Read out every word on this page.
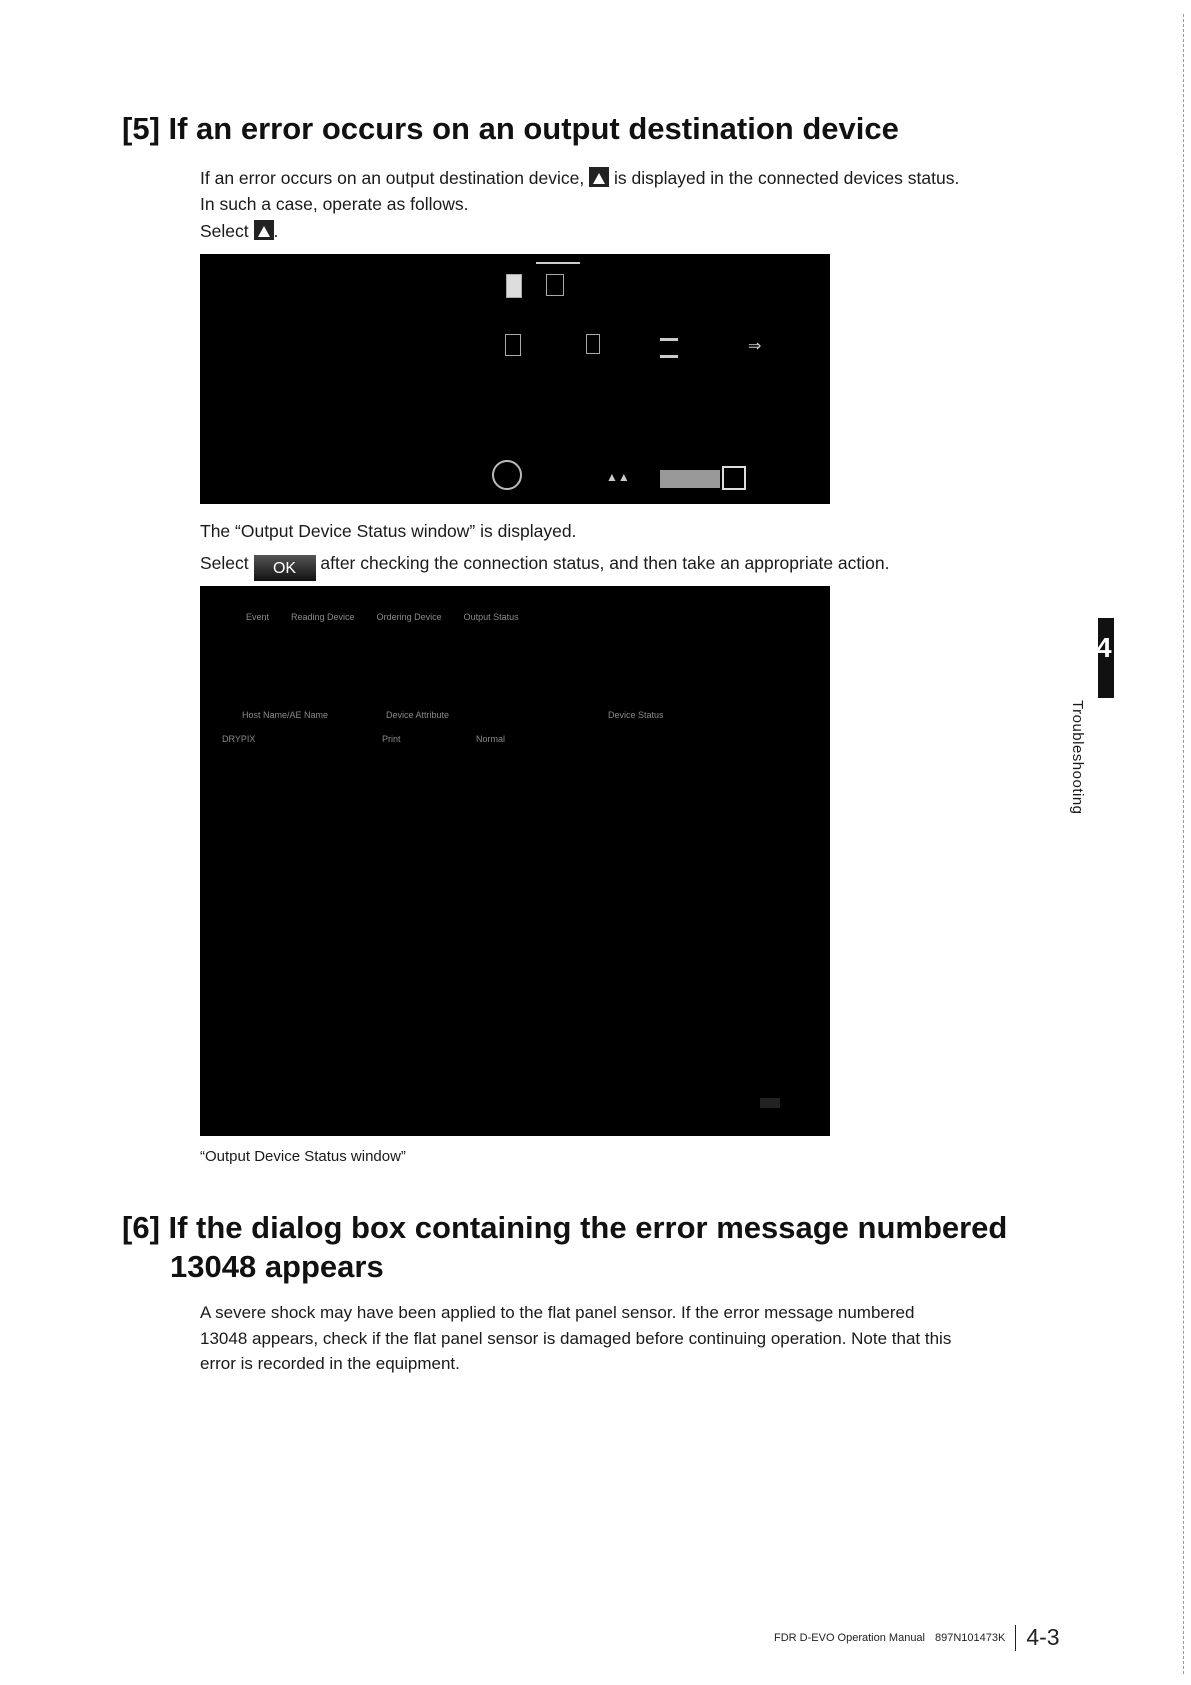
[5] If an error occurs on an output destination device
If an error occurs on an output destination device,  is displayed in the connected devices status.
In such a case, operate as follows.
Select .
⇒
▲▲
The “Output Device Status window” is displayed.
Select OK after checking the connection status, and then take an appropriate action.
Event Reading Device Ordering Device Output Status
Host Name/AE Name	Device Attribute	Device Status
DRYPIX	Print	Normal
“Output Device Status window”
[6] If the dialog box containing the error message numbered
13048 appears
A severe shock may have been applied to the flat panel sensor. If the error message numbered
13048 appears, check if the flat panel sensor is damaged before continuing operation. Note that this
error is recorded in the equipment.
4
Troubleshooting
FDR D-EVO Operation Manual 897N101473K 4-3
